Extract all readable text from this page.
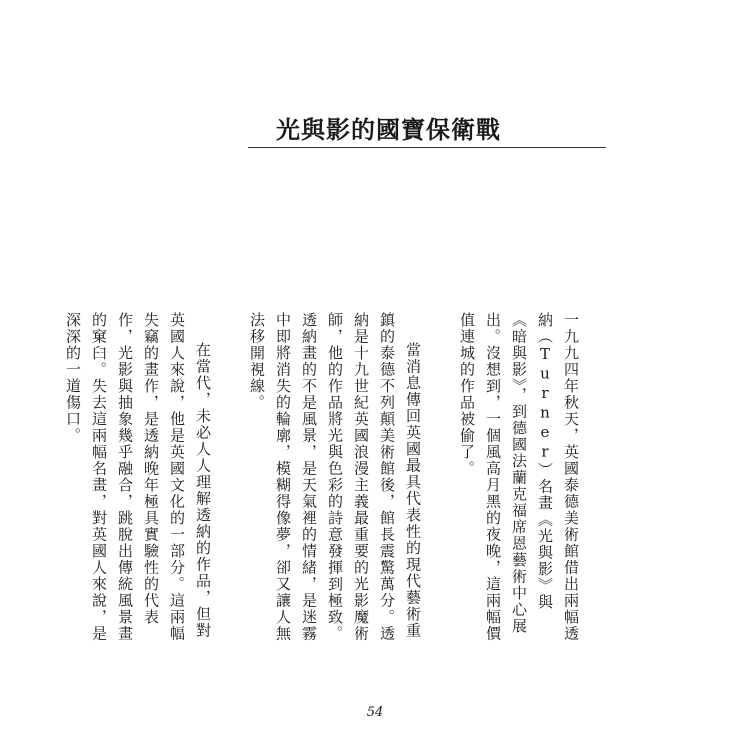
光與影的國寶保衛戰

一九九四年秋天，英國泰德美術館借出兩幅透納（Turner）名畫《光與影》與《暗與影》，到德國法蘭克福席恩藝術中心展出。沒想到，一個風高月黑的夜晚，這兩幅價值連城的作品被偷了。

當消息傳回英國最具代表性的現代藝術重鎮的泰德不列顛美術館後，館長震驚萬分。透納是十九世紀英國浪漫主義最重要的光影魔術師，他的作品將光與色彩的詩意發揮到極致。透納畫的不是風景，是天氣裡的情緒，是迷霧中即將消失的輪廓，模糊得像夢，卻又讓人無法移開視線。

在當代，未必人人理解透納的作品，但對英國人來說，他是英國文化的一部分。這兩幅失竊的畫作，是透納晚年極具實驗性的代表作，光影與抽象幾乎融合，跳脫出傳統風景畫的窠臼。失去這兩幅名畫，對英國人來說，是深深的一道傷口。

54
